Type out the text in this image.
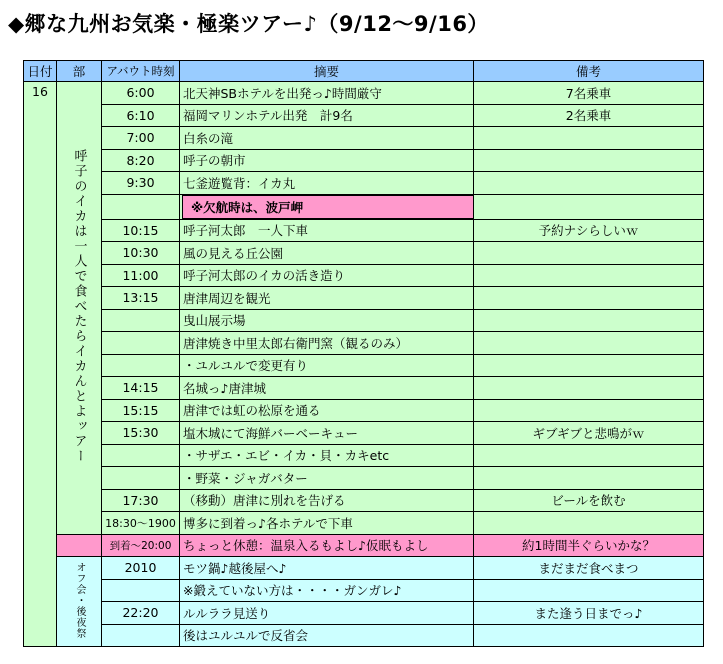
◆郷な九州お気楽・極楽ツアー♪（9/12～9/16）
日付	部	アバウト時刻	摘要	備考
16	呼子のイカは一人で食べたらイカんとよッアー	6:00	北天神SBホテルを出発っ♪時間厳守	7名乗車
		6:10	福岡マリンホテル出発　計9名	2名乗車
		7:00	白糸の滝	
		8:20	呼子の朝市	
		9:30	七釜遊覧背：イカ丸	

			※欠航時は、波戸岬	

		10:15	呼子河太郎　一人下車	予約ナシらしいｗ
		10:30	風の見える丘公園	
		11:00	呼子河太郎のイカの活き造り	
		13:15	唐津周辺を観光	
			曳山展示場	
			唐津焼き中里太郎右衛門窯（観るのみ）	
			・ユルユルで変更有り	
		14:15	名城っ♪唐津城	
		15:15	唐津では虹の松原を通る	
		15:30	塩木城にて海鮮バーベーキュー	ギブギブと悲鳴がｗ
			・サザエ・エビ・イカ・貝・カキetc	
			・野菜・ジャガバター	
		17:30	（移動）唐津に別れを告げる	ビールを飲む
		18:30～1900	博多に到着っ♪各ホテルで下車	
		到着～20:00	ちょっと休憩：温泉入るもよし♪仮眠もよし	約1時間半ぐらいかな？
	オフ会・後夜祭	2010	モツ鍋♪越後屋へ♪	まだまだ食べまつ
			※鍛えていない方は・・・・ガンガレ♪	
		22:20	ルルララ見送り	また逢う日までっ♪
			後はユルユルで反省会	
